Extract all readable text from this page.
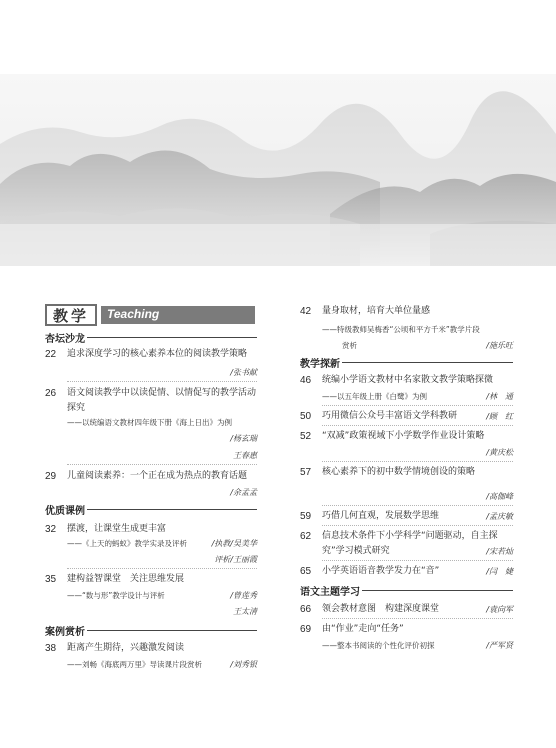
教学	Teaching
杏坛沙龙
22	追求深度学习的核心素养本位的阅读教学策略
/张书献
26	语文阅读教学中以读促情、以情促写的教学活动探究
——以统编语文教材四年级下册《海上日出》为例
/杨玄瑞
王春惠
29	儿童阅读素养：一个正在成为热点的教育话题
/余孟孟
优质课例
32	摆渡，让课堂生成更丰富
——《上天的蚂蚁》教学实录及评析	/执教/吴美华
评析/王丽霞
35	建构益智课堂　关注思维发展
——“数与形”教学设计与评析	/曾莲秀
王太清
案例赏析
38	距离产生期待，兴趣激发阅读
——刘畅《海底两万里》导读课片段赏析	/刘秀银
42	量身取材，培育大单位量感
——特级教师吴梅香“公顷和平方千米”教学片段
赏析	/施乐旺
教学探新
46	统编小学语文教材中名家散文教学策略探微
——以五年级上册《白鹭》为例	/林　通
50	巧用微信公众号丰富语文学科教研	/顾　红
52	“双减”政策视域下小学数学作业设计策略
/黄庆松
57	核心素养下的初中数学情境创设的策略
/高伽峰
59	巧借几何直观，发展数学思维	/孟庆敏
62	信息技术条件下小学科学“问题驱动，自主探究”学习模式研究	/宋若灿
65	小学英语语音教学发力在“音”	/闫　婕
语文主题学习
66	领会教材意图　构建深度课堂	/袁向军
69	由“作业”走向“任务”
——整本书阅读的个性化评价初探	/严军贤
